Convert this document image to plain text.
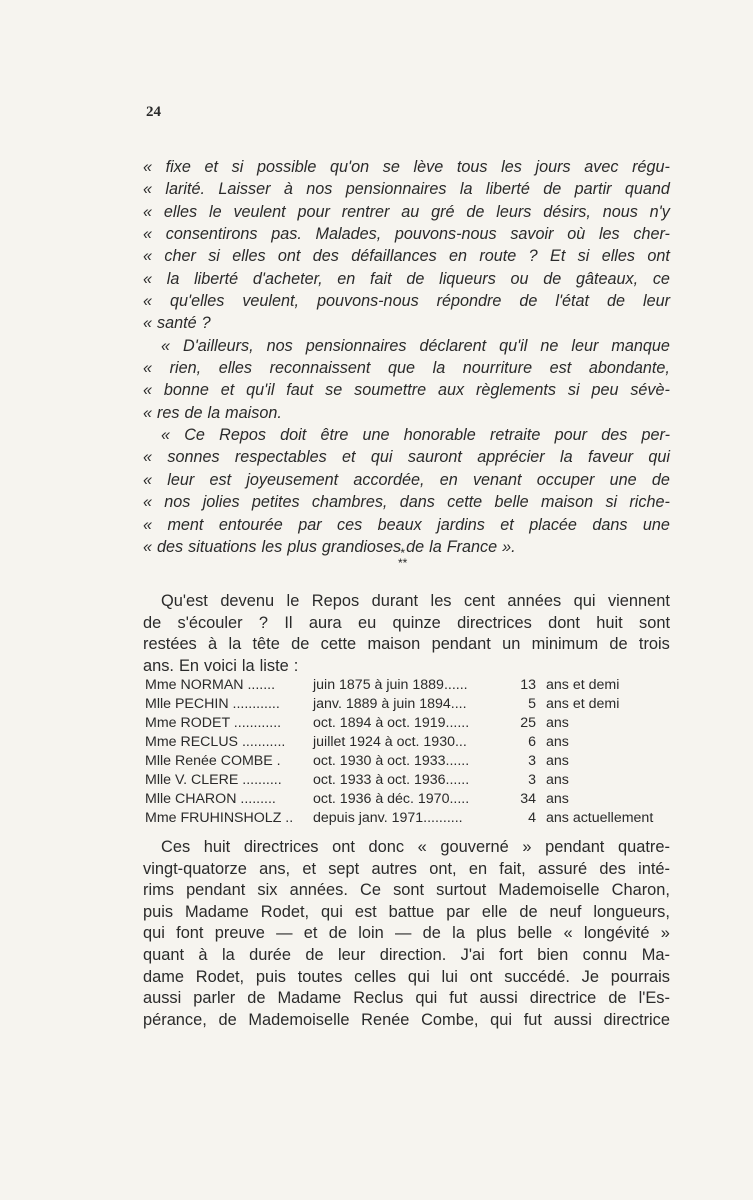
24
« fixe et si possible qu'on se lève tous les jours avec régu-
« larité. Laisser à nos pensionnaires la liberté de partir quand
« elles le veulent pour rentrer au gré de leurs désirs, nous n'y
« consentirons pas. Malades, pouvons-nous savoir où les cher-
« cher si elles ont des défaillances en route ? Et si elles ont
« la liberté d'acheter, en fait de liqueurs ou de gâteaux, ce
« qu'elles veulent, pouvons-nous répondre de l'état de leur
« santé ?
« D'ailleurs, nos pensionnaires déclarent qu'il ne leur manque
« rien, elles reconnaissent que la nourriture est abondante,
« bonne et qu'il faut se soumettre aux règlements si peu sévè-
« res de la maison.
« Ce Repos doit être une honorable retraite pour des per-
« sonnes respectables et qui sauront apprécier la faveur qui
« leur est joyeusement accordée, en venant occuper une de
« nos jolies petites chambres, dans cette belle maison si riche-
« ment entourée par ces beaux jardins et placée dans une
« des situations les plus grandioses de la France ».
*
**
Qu'est devenu le Repos durant les cent années qui viennent
de s'écouler ? Il aura eu quinze directrices dont huit sont
restées à la tête de cette maison pendant un minimum de trois
ans. En voici la liste :
Mme NORMAN .......	juin 1875 à juin 1889......	13 ans et demi
Mlle PECHIN ............	janv. 1889 à juin 1894....	5 ans et demi
Mme RODET ............	oct. 1894 à oct. 1919......	25 ans
Mme RECLUS ...........	juillet 1924 à oct. 1930...	6 ans
Mlle Renée COMBE .	oct. 1930 à oct. 1933......	3 ans
Mlle V. CLERE ..........	oct. 1933 à oct. 1936......	3 ans
Mlle CHARON .........	oct. 1936 à déc. 1970.....	34 ans
Mme FRUHINSHOLZ ..	depuis janv. 1971..........	4 ans actuellement
Ces huit directrices ont donc « gouverné » pendant quatre-
vingt-quatorze ans, et sept autres ont, en fait, assuré des inté-
rims pendant six années. Ce sont surtout Mademoiselle Charon,
puis Madame Rodet, qui est battue par elle de neuf longueurs,
qui font preuve — et de loin — de la plus belle « longévité »
quant à la durée de leur direction. J'ai fort bien connu Ma-
dame Rodet, puis toutes celles qui lui ont succédé. Je pourrais
aussi parler de Madame Reclus qui fut aussi directrice de l'Es-
pérance, de Mademoiselle Renée Combe, qui fut aussi directrice
